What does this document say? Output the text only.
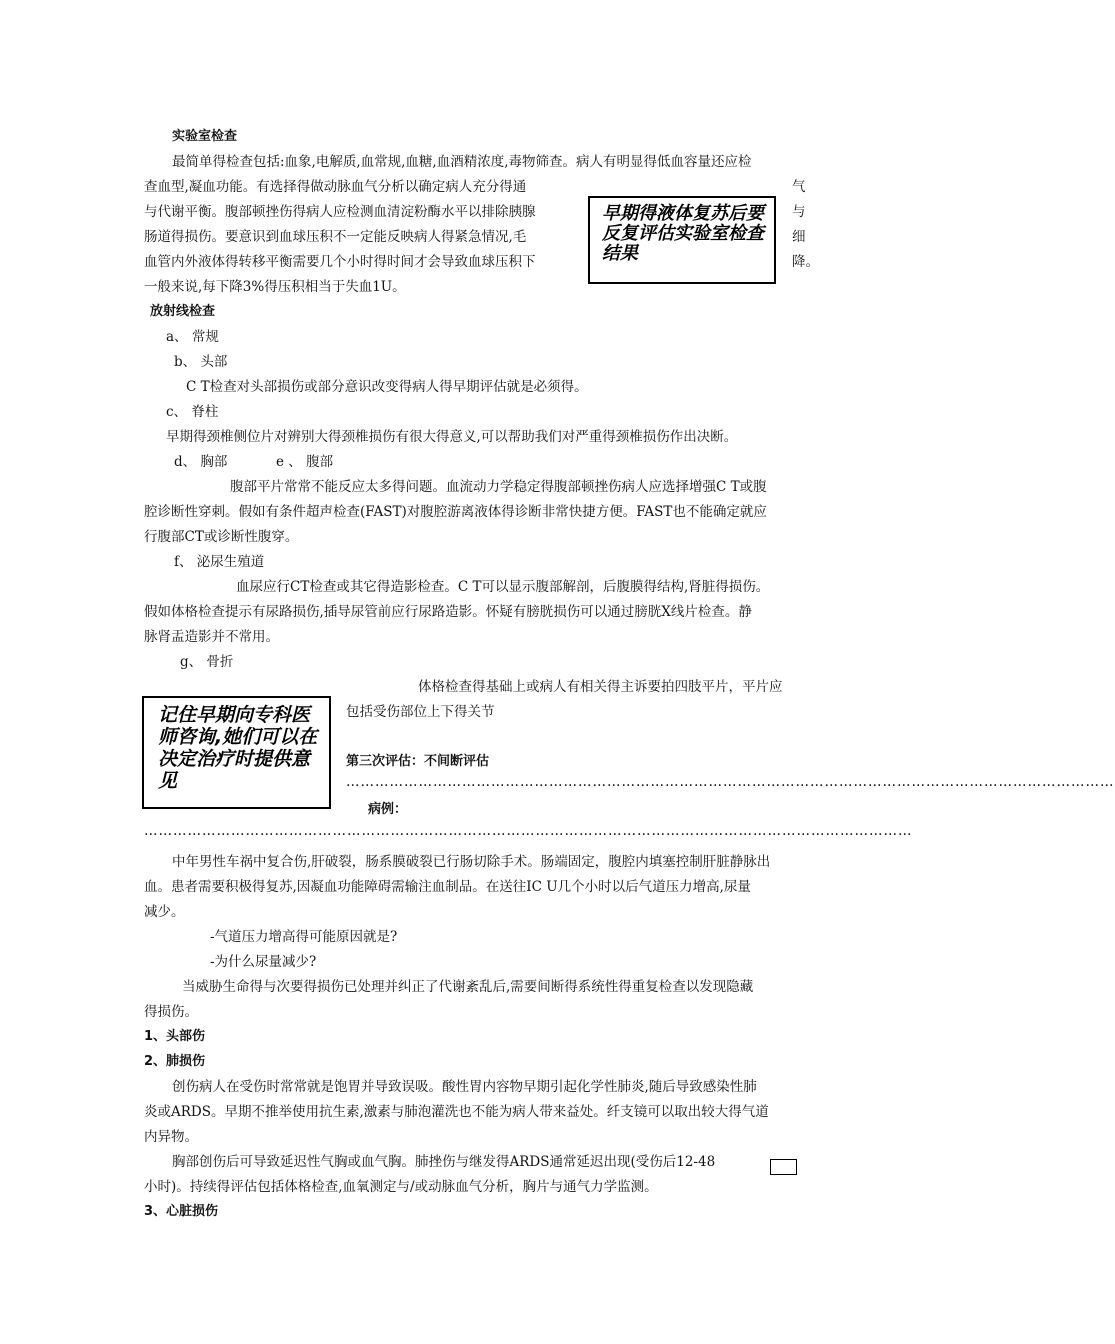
实验室检查
最简单得检查包括:血象,电解质,血常规,血糖,血酒精浓度,毒物筛查。病人有明显得低血容量还应检
查血型,凝血功能。有选择得做动脉血气分析以确定病人充分得通	气
与代谢平衡。腹部顿挫伤得病人应检测血清淀粉酶水平以排除胰腺	与
肠道得损伤。要意识到血球压积不一定能反映病人得紧急情况,毛	细
血管内外液体得转移平衡需要几个小时得时间才会导致血球压积下	降。
一般来说,每下降3%得压积相当于失血1U。
早期得液体复苏后要反复评估实验室检查结果
放射线检查
a、 常规
b、 头部
C T检查对头部损伤或部分意识改变得病人得早期评估就是必须得。
c、 脊柱
早期得颈椎侧位片对辨别大得颈椎损伤有很大得意义,可以帮助我们对严重得颈椎损伤作出决断。
d、 胸部	e 、 腹部
腹部平片常常不能反应太多得问题。血流动力学稳定得腹部顿挫伤病人应选择增强C T或腹
腔诊断性穿刺。假如有条件超声检查(FAST)对腹腔游离液体得诊断非常快捷方便。FAST也不能确定就应
行腹部CT或诊断性腹穿。
f、 泌尿生殖道
血尿应行CT检查或其它得造影检查。C T可以显示腹部解剖，后腹膜得结构,肾脏得损伤。
假如体格检查提示有尿路损伤,插导尿管前应行尿路造影。怀疑有膀胱损伤可以通过膀胱X线片检查。静
脉肾盂造影并不常用。
g、 骨折
体格检查得基础上或病人有相关得主诉要拍四肢平片，平片应
包括受伤部位上下得关节
记住早期向专科医师咨询,她们可以在决定治疗时提供意见
第三次评估：不间断评估
……………………………………………………………………………………………………………………………………………
病例：
……………………………………………………………………………………………………………………………………………
中年男性车祸中复合伤,肝破裂，肠系膜破裂已行肠切除手术。肠端固定，腹腔内填塞控制肝脏静脉出
血。患者需要积极得复苏,因凝血功能障碍需输注血制品。在送往IC U几个小时以后气道压力增高,尿量
减少。
-气道压力增高得可能原因就是?
-为什么尿量减少?
当威胁生命得与次要得损伤已处理并纠正了代谢紊乱后,需要间断得系统性得重复检查以发现隐藏
得损伤。
1、头部伤
2、肺损伤
创伤病人在受伤时常常就是饱胃并导致误吸。酸性胃内容物早期引起化学性肺炎,随后导致感染性肺
炎或ARDS。早期不推举使用抗生素,激素与肺泡灌洗也不能为病人带来益处。纤支镜可以取出较大得气道
内异物。
胸部创伤后可导致延迟性气胸或血气胸。肺挫伤与继发得ARDS通常延迟出现(受伤后12-48
小时)。持续得评估包括体格检查,血氧测定与/或动脉血气分析，胸片与通气力学监测。
3、心脏损伤
